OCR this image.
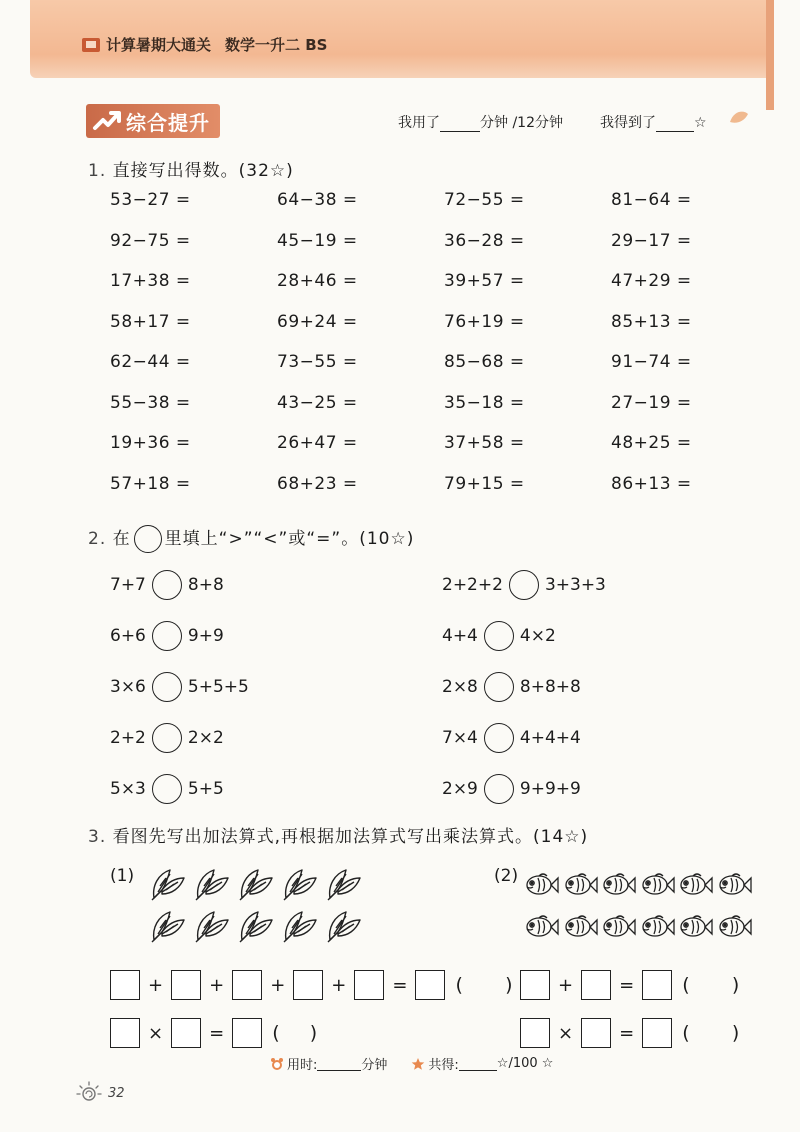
计算暑期大通关 数学一升二 BS
综合提升	我用了	分钟 /12分钟	我得到了	☆
1. 直接写出得数。(32☆)
53−27 =	64−38 =	72−55 =	81−64 =
92−75 =	45−19 =	36−28 =	29−17 =
17+38 =	28+46 =	39+57 =	47+29 =
58+17 =	69+24 =	76+19 =	85+13 =
62−44 =	73−55 =	85−68 =	91−74 =
55−38 =	43−25 =	35−18 =	27−19 =
19+36 =	26+47 =	37+58 =	48+25 =
57+18 =	68+23 =	79+15 =	86+13 =
2. 在 里填上“>”“<”或“=”。(10☆)
7+7 8+8	2+2+2 3+3+3
6+6 9+9	4+4 4×2
3×6 5+5+5	2×8 8+8+8
2+2 2×2	7×4 4+4+4
5×3 5+5	2×9 9+9+9
3. 看图先写出加法算式,再根据加法算式写出乘法算式。(14☆)
(1)	(2)
+	+	+	+	=	(       )
×	=	(     )
+	=	(       )
×	=	(       )
用时:	分钟	共得:	☆/100 ☆
32
